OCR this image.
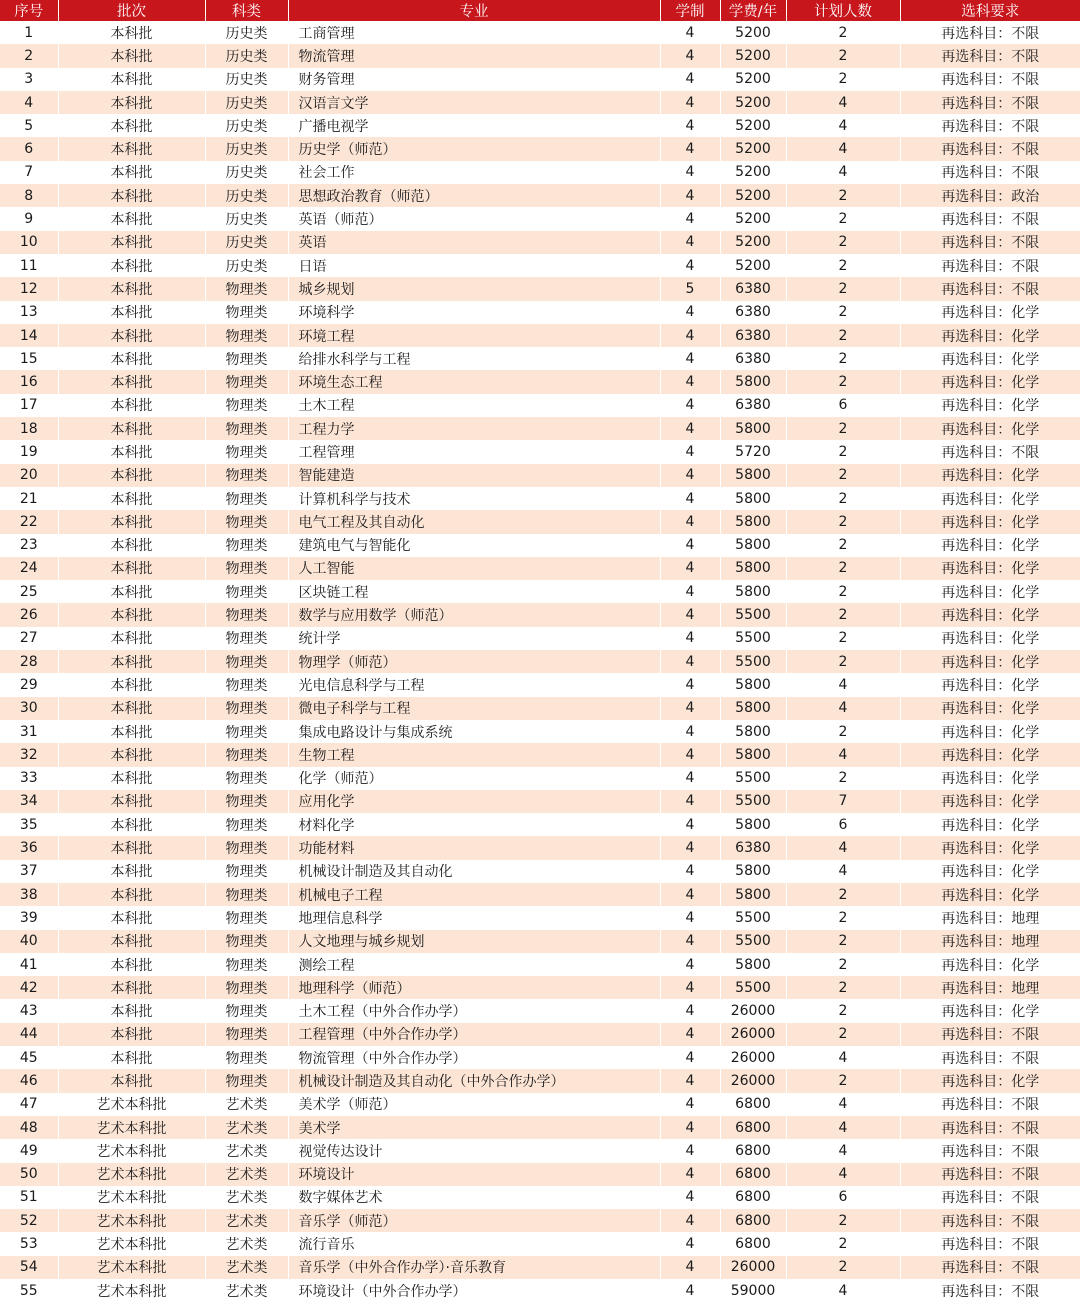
序号	批次	科类	专业	学制	学费/年	计划人数	选科要求
1	本科批	历史类	工商管理	4	5200	2	再选科目：不限
2	本科批	历史类	物流管理	4	5200	2	再选科目：不限
3	本科批	历史类	财务管理	4	5200	2	再选科目：不限
4	本科批	历史类	汉语言文学	4	5200	4	再选科目：不限
5	本科批	历史类	广播电视学	4	5200	4	再选科目：不限
6	本科批	历史类	历史学（师范）	4	5200	4	再选科目：不限
7	本科批	历史类	社会工作	4	5200	4	再选科目：不限
8	本科批	历史类	思想政治教育（师范）	4	5200	2	再选科目：政治
9	本科批	历史类	英语（师范）	4	5200	2	再选科目：不限
10	本科批	历史类	英语	4	5200	2	再选科目：不限
11	本科批	历史类	日语	4	5200	2	再选科目：不限
12	本科批	物理类	城乡规划	5	6380	2	再选科目：不限
13	本科批	物理类	环境科学	4	6380	2	再选科目：化学
14	本科批	物理类	环境工程	4	6380	2	再选科目：化学
15	本科批	物理类	给排水科学与工程	4	6380	2	再选科目：化学
16	本科批	物理类	环境生态工程	4	5800	2	再选科目：化学
17	本科批	物理类	土木工程	4	6380	6	再选科目：化学
18	本科批	物理类	工程力学	4	5800	2	再选科目：化学
19	本科批	物理类	工程管理	4	5720	2	再选科目：不限
20	本科批	物理类	智能建造	4	5800	2	再选科目：化学
21	本科批	物理类	计算机科学与技术	4	5800	2	再选科目：化学
22	本科批	物理类	电气工程及其自动化	4	5800	2	再选科目：化学
23	本科批	物理类	建筑电气与智能化	4	5800	2	再选科目：化学
24	本科批	物理类	人工智能	4	5800	2	再选科目：化学
25	本科批	物理类	区块链工程	4	5800	2	再选科目：化学
26	本科批	物理类	数学与应用数学（师范）	4	5500	2	再选科目：化学
27	本科批	物理类	统计学	4	5500	2	再选科目：化学
28	本科批	物理类	物理学（师范）	4	5500	2	再选科目：化学
29	本科批	物理类	光电信息科学与工程	4	5800	4	再选科目：化学
30	本科批	物理类	微电子科学与工程	4	5800	4	再选科目：化学
31	本科批	物理类	集成电路设计与集成系统	4	5800	2	再选科目：化学
32	本科批	物理类	生物工程	4	5800	4	再选科目：化学
33	本科批	物理类	化学（师范）	4	5500	2	再选科目：化学
34	本科批	物理类	应用化学	4	5500	7	再选科目：化学
35	本科批	物理类	材料化学	4	5800	6	再选科目：化学
36	本科批	物理类	功能材料	4	6380	4	再选科目：化学
37	本科批	物理类	机械设计制造及其自动化	4	5800	4	再选科目：化学
38	本科批	物理类	机械电子工程	4	5800	2	再选科目：化学
39	本科批	物理类	地理信息科学	4	5500	2	再选科目：地理
40	本科批	物理类	人文地理与城乡规划	4	5500	2	再选科目：地理
41	本科批	物理类	测绘工程	4	5800	2	再选科目：化学
42	本科批	物理类	地理科学（师范）	4	5500	2	再选科目：地理
43	本科批	物理类	土木工程（中外合作办学）	4	26000	2	再选科目：化学
44	本科批	物理类	工程管理（中外合作办学）	4	26000	2	再选科目：不限
45	本科批	物理类	物流管理（中外合作办学）	4	26000	4	再选科目：不限
46	本科批	物理类	机械设计制造及其自动化（中外合作办学）	4	26000	2	再选科目：化学
47	艺术本科批	艺术类	美术学（师范）	4	6800	4	再选科目：不限
48	艺术本科批	艺术类	美术学	4	6800	4	再选科目：不限
49	艺术本科批	艺术类	视觉传达设计	4	6800	4	再选科目：不限
50	艺术本科批	艺术类	环境设计	4	6800	4	再选科目：不限
51	艺术本科批	艺术类	数字媒体艺术	4	6800	6	再选科目：不限
52	艺术本科批	艺术类	音乐学（师范）	4	6800	2	再选科目：不限
53	艺术本科批	艺术类	流行音乐	4	6800	2	再选科目：不限
54	艺术本科批	艺术类	音乐学（中外合作办学）·音乐教育	4	26000	2	再选科目：不限
55	艺术本科批	艺术类	环境设计（中外合作办学）	4	59000	4	再选科目：不限
